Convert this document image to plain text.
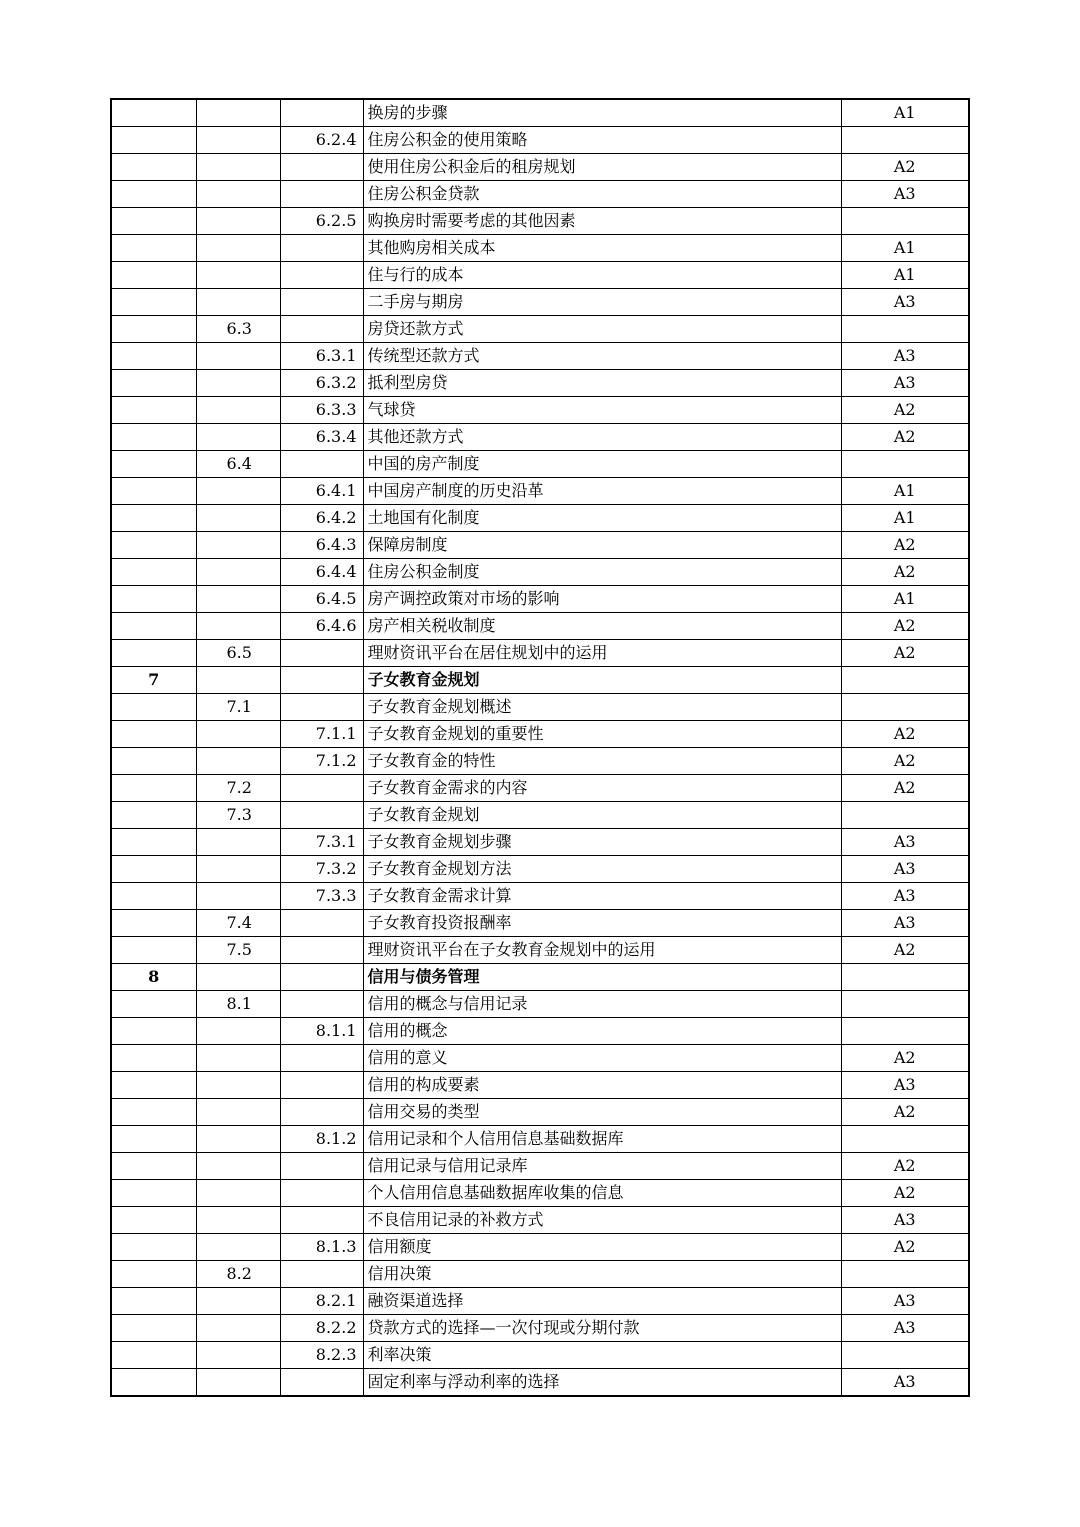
			换房的步骤	A1
		6.2.4	住房公积金的使用策略	
			使用住房公积金后的租房规划	A2
			住房公积金贷款	A3
		6.2.5	购换房时需要考虑的其他因素	
			其他购房相关成本	A1
			住与行的成本	A1
			二手房与期房	A3
	6.3		房贷还款方式	
		6.3.1	传统型还款方式	A3
		6.3.2	抵利型房贷	A3
		6.3.3	气球贷	A2
		6.3.4	其他还款方式	A2
	6.4		中国的房产制度	
		6.4.1	中国房产制度的历史沿革	A1
		6.4.2	土地国有化制度	A1
		6.4.3	保障房制度	A2
		6.4.4	住房公积金制度	A2
		6.4.5	房产调控政策对市场的影响	A1
		6.4.6	房产相关税收制度	A2
	6.5		理财资讯平台在居住规划中的运用	A2
7			子女教育金规划	
	7.1		子女教育金规划概述	
		7.1.1	子女教育金规划的重要性	A2
		7.1.2	子女教育金的特性	A2
	7.2		子女教育金需求的内容	A2
	7.3		子女教育金规划	
		7.3.1	子女教育金规划步骤	A3
		7.3.2	子女教育金规划方法	A3
		7.3.3	子女教育金需求计算	A3
	7.4		子女教育投资报酬率	A3
	7.5		理财资讯平台在子女教育金规划中的运用	A2
8			信用与债务管理	
	8.1		信用的概念与信用记录	
		8.1.1	信用的概念	
			信用的意义	A2
			信用的构成要素	A3
			信用交易的类型	A2
		8.1.2	信用记录和个人信用信息基础数据库	
			信用记录与信用记录库	A2
			个人信用信息基础数据库收集的信息	A2
			不良信用记录的补救方式	A3
		8.1.3	信用额度	A2
	8.2		信用决策	
		8.2.1	融资渠道选择	A3
		8.2.2	贷款方式的选择—一次付现或分期付款	A3
		8.2.3	利率决策	
			固定利率与浮动利率的选择	A3
